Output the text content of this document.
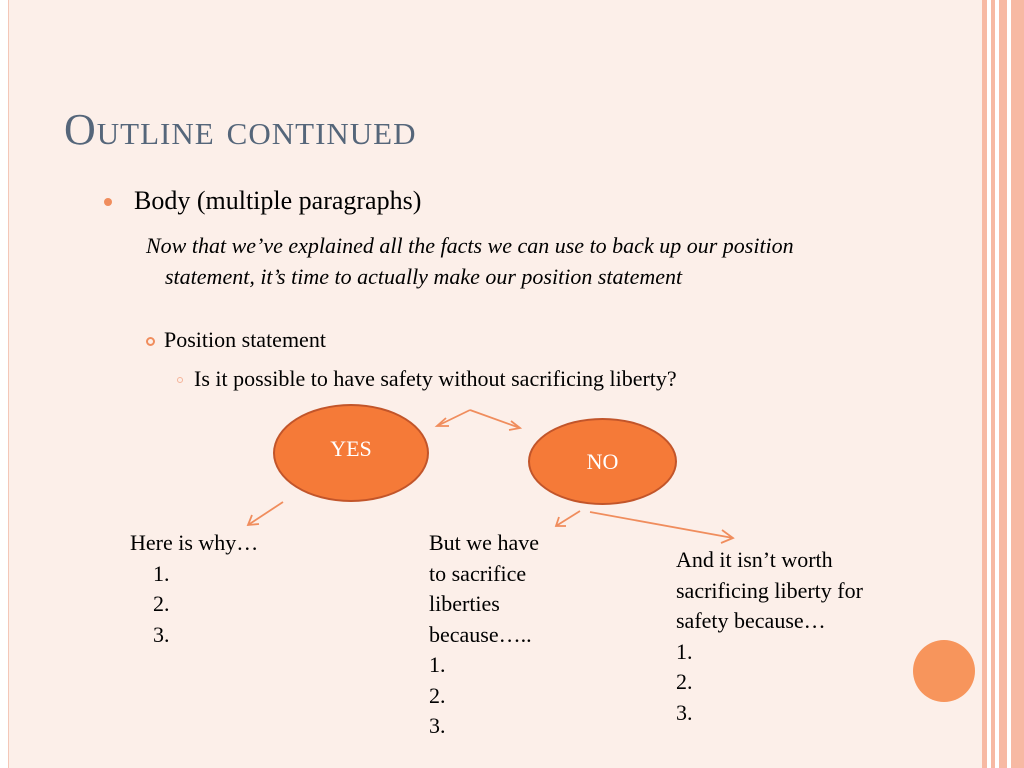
Outline continued
Body (multiple paragraphs)
Now that we’ve explained all the facts we can use to back up our position statement, it’s time to actually make our position statement
Position statement
Is it possible to have safety without sacrificing liberty?
YES	NO
Here is why…
1.
2.
3.
But we have
to sacrifice
liberties
because…..
1.
2.
3.
And it isn’t worth
sacrificing liberty for
safety because…
1.
2.
3.
